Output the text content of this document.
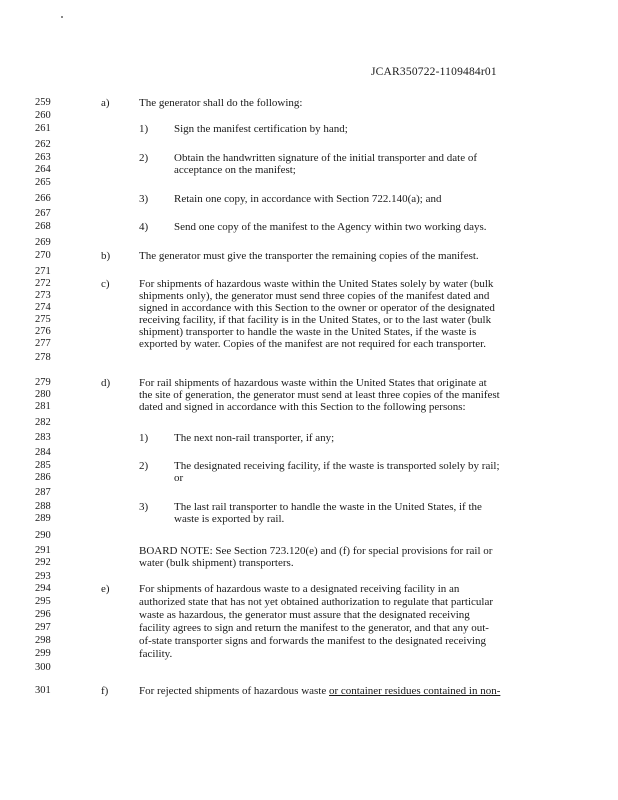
JCAR350722-1109484r01
259
260
261
262
263
264
265
266
267
268
269
270
271
272
273
274
275
276
277
278
279
280
281
282
283
284
285
286
287
288
289
290
291
292
293
294
295
296
297
298
299
300
301
a)	The generator shall do the following:
1) Sign the manifest certification by hand;
2) Obtain the handwritten signature of the initial transporter and date of
acceptance on the manifest;
3) Retain one copy, in accordance with Section 722.140(a); and
4) Send one copy of the manifest to the Agency within two working days.
b)	The generator must give the transporter the remaining copies of the manifest.
c)	For shipments of hazardous waste within the United States solely by water (bulk
shipments only), the generator must send three copies of the manifest dated and
signed in accordance with this Section to the owner or operator of the designated
receiving facility, if that facility is in the United States, or to the last water (bulk
shipment) transporter to handle the waste in the United States, if the waste is
exported by water. Copies of the manifest are not required for each transporter.
d)	For rail shipments of hazardous waste within the United States that originate at
the site of generation, the generator must send at least three copies of the manifest
dated and signed in accordance with this Section to the following persons:
1) The next non-rail transporter, if any;
2) The designated receiving facility, if the waste is transported solely by rail;
or
3) The last rail transporter to handle the waste in the United States, if the
waste is exported by rail.
BOARD NOTE: See Section 723.120(e) and (f) for special provisions for rail or
water (bulk shipment) transporters.
e)	For shipments of hazardous waste to a designated receiving facility in an
authorized state that has not yet obtained authorization to regulate that particular
waste as hazardous, the generator must assure that the designated receiving
facility agrees to sign and return the manifest to the generator, and that any out-
of-state transporter signs and forwards the manifest to the designated receiving
facility.
f)	For rejected shipments of hazardous waste or container residues contained in non-
